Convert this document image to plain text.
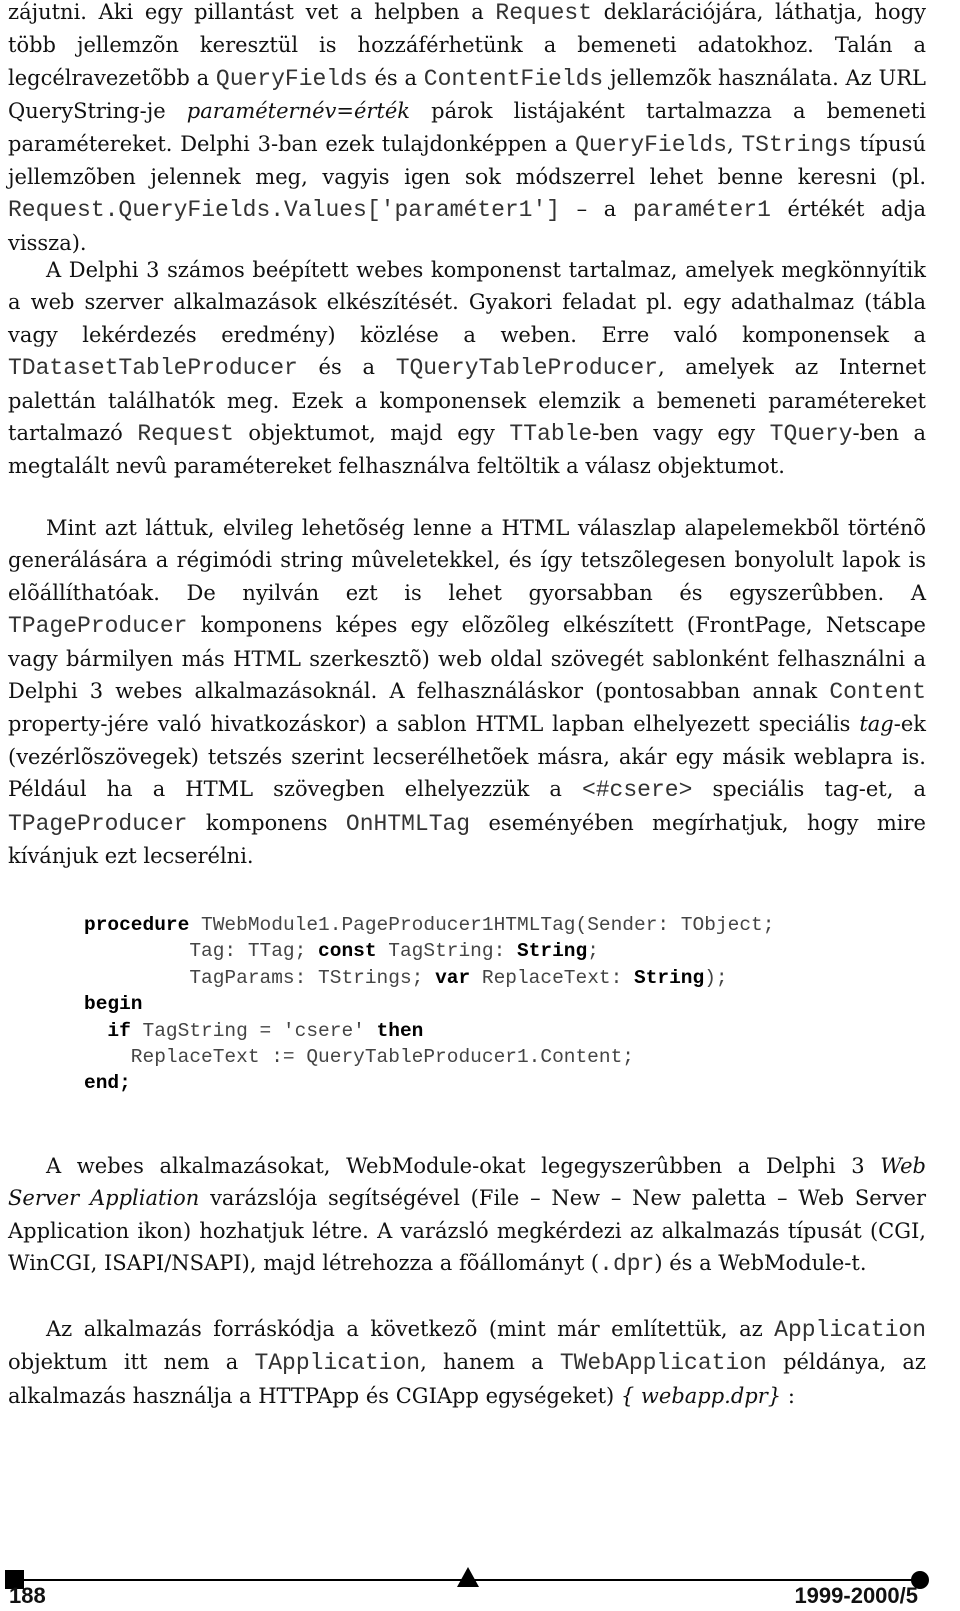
zájutni. Aki egy pillantást vet a helpben a Request deklarációjára, láthatja, hogy több jellemzõn keresztül is hozzáférhetünk a bemeneti adatokhoz. Talán a legcélravezetõbb a QueryFields és a ContentFields jellemzõk használata. Az URL QueryString-je paraméternév=érték párok listájaként tartalmazza a bemeneti paramétereket. Delphi 3-ban ezek tulajdonképpen a QueryFields, TStrings típusú jellemzõben jelennek meg, vagyis igen sok módszerrel lehet benne keresni (pl. Request.QueryFields.Values['paraméter1'] – a paraméter1 értékét adja vissza).

A Delphi 3 számos beépített webes komponenst tartalmaz, amelyek megkönnyítik a web szerver alkalmazások elkészítését. Gyakori feladat pl. egy adathalmaz (tábla vagy lekérdezés eredmény) közlése a weben. Erre való komponensek a TDatasetTableProducer és a TQueryTableProducer, amelyek az Internet palettán találhatók meg. Ezek a komponensek elemzik a bemeneti paramétereket tartalmazó Request objektumot, majd egy TTable-ben vagy egy TQuery-ben a megtalált nevû paramétereket felhasználva feltöltik a válasz objektumot.

Mint azt láttuk, elvileg lehetõség lenne a HTML válaszlap alapelemekbõl történõ generálására a régimódi string mûveletekkel, és így tetszõlegesen bonyolult lapok is elõállíthatóak. De nyilván ezt is lehet gyorsabban és egyszerûbben. A TPageProducer komponens képes egy elõzõleg elkészített (FrontPage, Netscape vagy bármilyen más HTML szerkesztõ) web oldal szövegét sablonként felhasználni a Delphi 3 webes alkalmazásoknál. A felhasználáskor (pontosabban annak Content property-jére való hivatkozáskor) a sablon HTML lapban elhelyezett speciális tag-ek (vezérlõszövegek) tetszés szerint lecserélhetõek másra, akár egy másik weblapra is. Például ha a HTML szövegben elhelyezzük a <#csere> speciális tag-et, a TPageProducer komponens OnHTMLTag eseményében megírhatjuk, hogy mire kívánjuk ezt lecserélni.

A webes alkalmazásokat, WebModule-okat legegyszerûbben a Delphi 3 Web Server Appliation varázslója segítségével (File – New – New paletta – Web Server Application ikon) hozhatjuk létre. A varázsló megkérdezi az alkalmazás típusát (CGI, WinCGI, ISAPI/NSAPI), majd létrehozza a fõállományt (.dpr) és a WebModule-t.

Az alkalmazás forráskódja a következõ (mint már említettük, az Application objektum itt nem a TApplication, hanem a TWebApplication példánya, az alkalmazás használja a HTTPApp és CGIApp egységeket) { webapp.dpr} :

procedure TWebModule1.PageProducer1HTMLTag(Sender: TObject;
Tag: TTag; const TagString: String;
TagParams: TStrings; var ReplaceText: String);
begin
if TagString = 'csere' then
ReplaceText := QueryTableProducer1.Content;
end;
188	1999-2000/5
